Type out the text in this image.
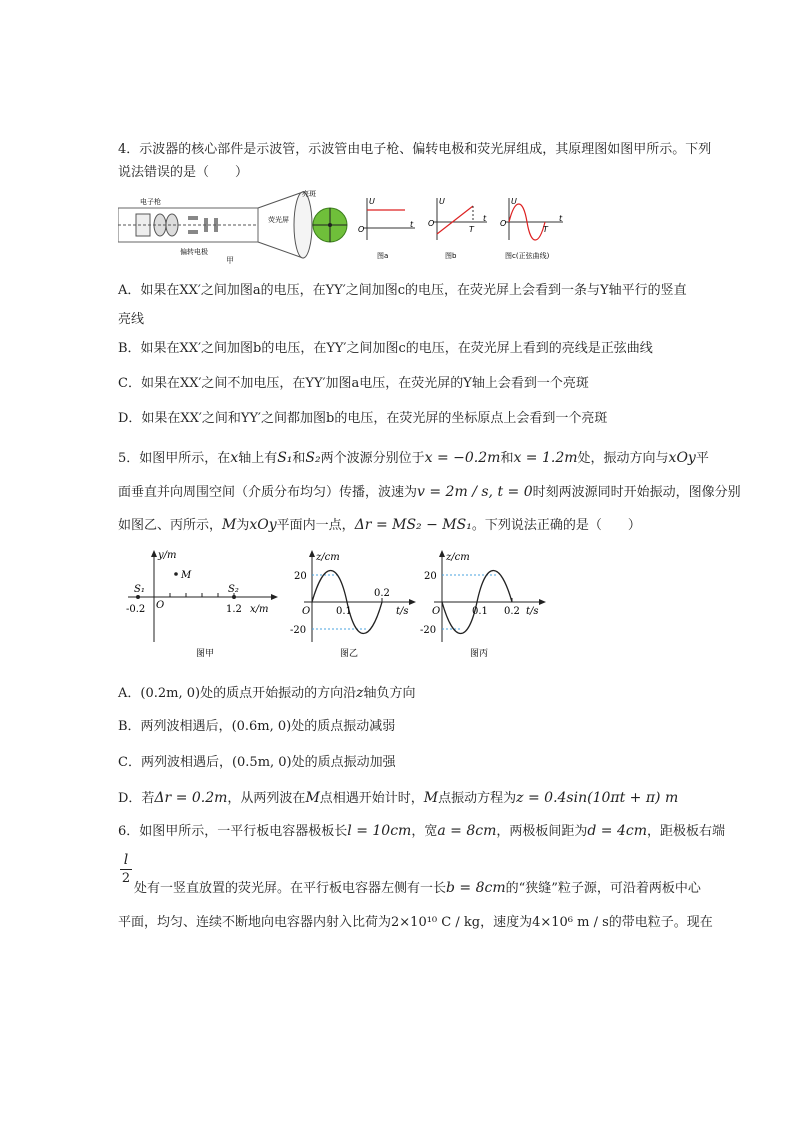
4．示波器的核心部件是示波管，示波管由电子枪、偏转电极和荧光屏组成，其原理图如图甲所示。下列
说法错误的是（　　）
电子枪
偏转电极
荧光屏
亮斑
甲
U
t
O
图a
U
t
O
T
图b
U
t
O
T
图c(正弦曲线)
A．如果在XX′之间加图a的电压，在YY′之间加图c的电压，在荧光屏上会看到一条与Y轴平行的竖直
亮线
B．如果在XX′之间加图b的电压，在YY′之间加图c的电压，在荧光屏上看到的亮线是正弦曲线
C．如果在XX′之间不加电压，在YY′加图a电压，在荧光屏的Y轴上会看到一个亮斑
D．如果在XX′之间和YY′之间都加图b的电压，在荧光屏的坐标原点上会看到一个亮斑
5．如图甲所示，在x轴上有S₁和S₂两个波源分别位于x = −0.2m和x = 1.2m处，振动方向与xOy平
面垂直并向周围空间（介质分布均匀）传播，波速为v = 2m / s, t = 0时刻两波源同时开始振动，图像分别
如图乙、丙所示，M为xOy平面内一点，Δr = MS₂ − MS₁。下列说法正确的是（　　）
y/m
x/m
S₁	S₂
M
-0.2 O	1.2
图甲
z/cm
t/s
20
-20
0.1
0.2
O
图乙
z/cm
t/s
20
-20
0.1 0.2
O
图丙
A．(0.2m, 0)处的质点开始振动的方向沿z轴负方向
B．两列波相遇后，(0.6m, 0)处的质点振动减弱
C．两列波相遇后，(0.5m, 0)处的质点振动加强
D．若Δr = 0.2m，从两列波在M点相遇开始计时，M点振动方程为z = 0.4sin(10πt + π) m
6．如图甲所示，一平行板电容器极板长l = 10cm，宽a = 8cm，两极板间距为d = 4cm，距极板右端
l
2
处有一竖直放置的荧光屏。在平行板电容器左侧有一长b = 8cm的“狭缝”粒子源，可沿着两板中心
平面，均匀、连续不断地向电容器内射入比荷为2×10¹⁰ C / kg，速度为4×10⁶ m / s的带电粒子。现在
